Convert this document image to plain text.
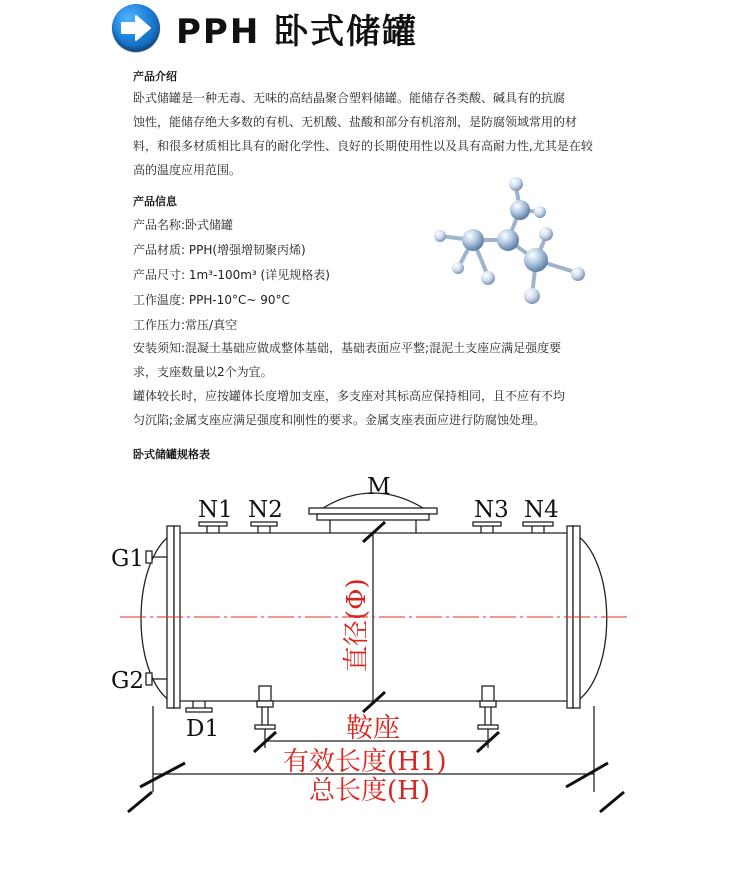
PPH 卧式储罐
产品介绍
卧式储罐是一种无毒、无味的高结晶聚合塑料储罐。能储存各类酸、碱具有的抗腐
蚀性，能储存绝大多数的有机、无机酸、盐酸和部分有机溶剂，是防腐领域常用的材
料，和很多材质相比具有的耐化学性、良好的长期使用性以及具有高耐力性,尤其是在较
高的温度应用范围。
产品信息
产品名称:卧式储罐
产品材质: PPH(增强增韧聚丙烯)
产品尺寸: 1m³-100m³ (详见规格表)
工作温度: PPH-10°C~ 90°C
工作压力:常压/真空
安装须知:混凝土基础应做成整体基础，基础表面应平整;混泥土支座应满足强度要
求，支座数量以2个为宜。
罐体较长时，应按罐体长度增加支座，多支座对其标高应保持相同，且不应有不均
匀沉陷;金属支座应满足强度和刚性的要求。金属支座表面应进行防腐蚀处理。
卧式储罐规格表
M
N1 N2	N3 N4
G1
G2
D1
直径(Φ)
鞍座
有效长度(H1)
总长度(H)
